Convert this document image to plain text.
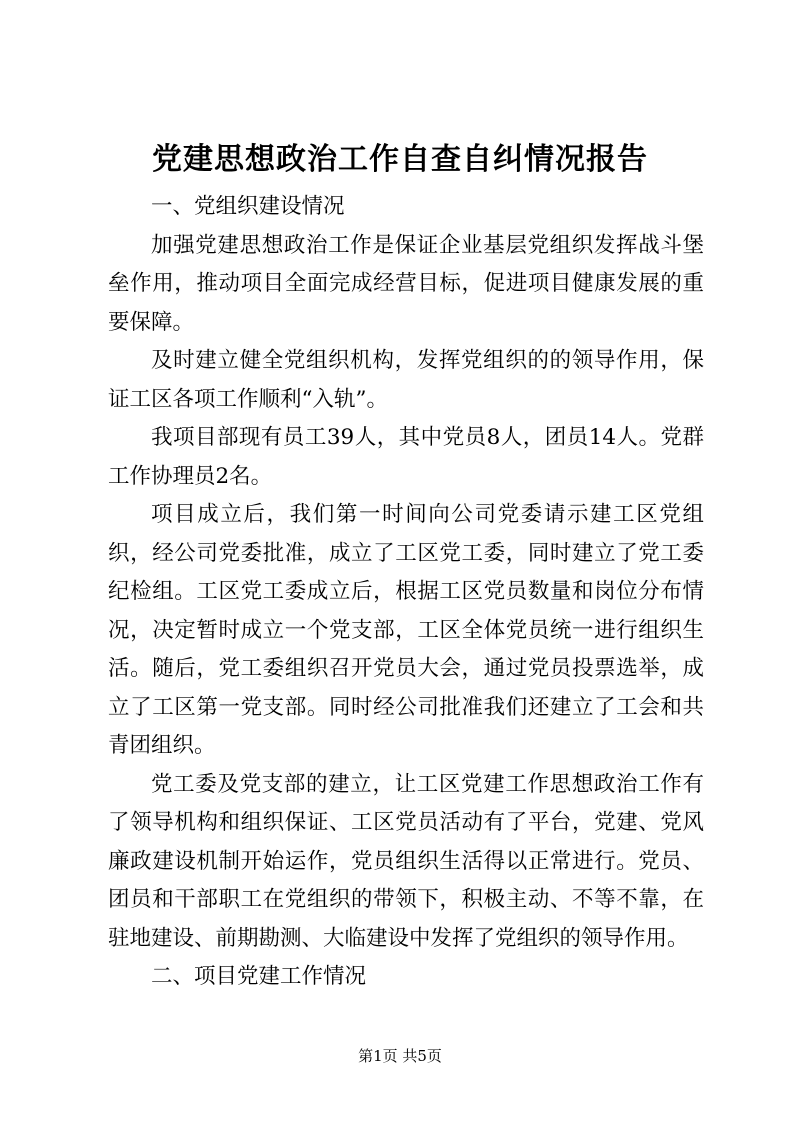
党建思想政治工作自查自纠情况报告

一、党组织建设情况

加强党建思想政治工作是保证企业基层党组织发挥战斗堡垒作用，推动项目全面完成经营目标，促进项目健康发展的重要保障。

及时建立健全党组织机构，发挥党组织的的领导作用，保证工区各项工作顺利“入轨”。

我项目部现有员工39人，其中党员8人，团员14人。党群工作协理员2名。

项目成立后，我们第一时间向公司党委请示建工区党组织，经公司党委批准，成立了工区党工委，同时建立了党工委纪检组。工区党工委成立后，根据工区党员数量和岗位分布情况，决定暂时成立一个党支部，工区全体党员统一进行组织生活。随后，党工委组织召开党员大会，通过党员投票选举，成立了工区第一党支部。同时经公司批准我们还建立了工会和共青团组织。

党工委及党支部的建立，让工区党建工作思想政治工作有了领导机构和组织保证、工区党员活动有了平台，党建、党风廉政建设机制开始运作，党员组织生活得以正常进行。党员、团员和干部职工在党组织的带领下，积极主动、不等不靠，在驻地建设、前期勘测、大临建设中发挥了党组织的领导作用。

二、项目党建工作情况

第1页 共5页
